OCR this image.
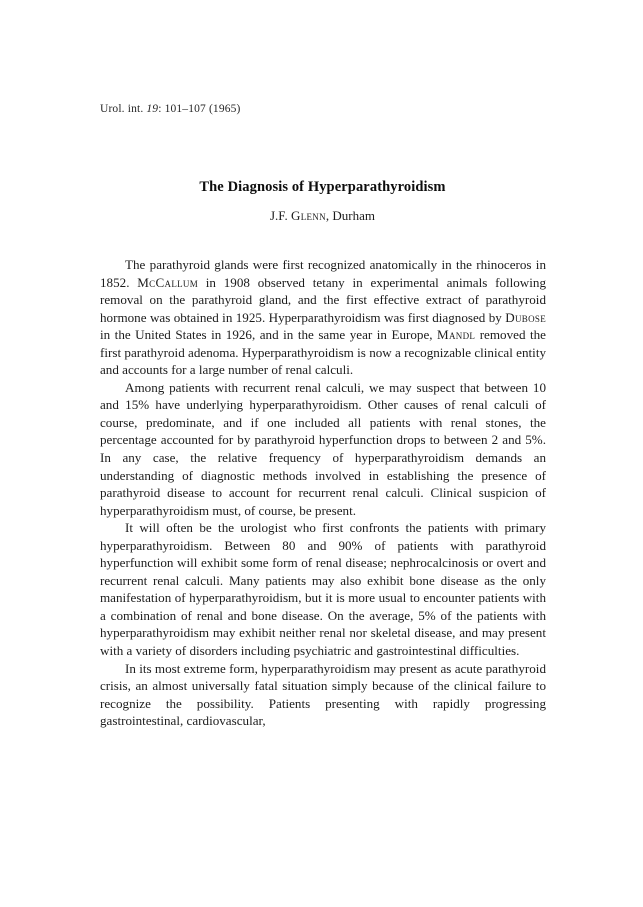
Urol. int. 19: 101–107 (1965)
The Diagnosis of Hyperparathyroidism
J.F. Glenn, Durham

The parathyroid glands were first recognized anatomically in the rhinoceros in 1852. McCallum in 1908 observed tetany in experimental animals following removal on the parathyroid gland, and the first effective extract of parathyroid hormone was obtained in 1925. Hyperparathyroidism was first diagnosed by Dubose in the United States in 1926, and in the same year in Europe, Mandl removed the first parathyroid adenoma. Hyperparathyroidism is now a recognizable clinical entity and accounts for a large number of renal calculi.

Among patients with recurrent renal calculi, we may suspect that between 10 and 15% have underlying hyperparathyroidism. Other causes of renal calculi of course, predominate, and if one included all patients with renal stones, the percentage accounted for by parathyroid hyperfunction drops to between 2 and 5%. In any case, the relative frequency of hyperparathyroidism demands an understanding of diagnostic methods involved in establishing the presence of parathyroid disease to account for recurrent renal calculi. Clinical suspicion of hyperparathyroidism must, of course, be present.

It will often be the urologist who first confronts the patients with primary hyperparathyroidism. Between 80 and 90% of patients with parathyroid hyperfunction will exhibit some form of renal disease; nephrocalcinosis or overt and recurrent renal calculi. Many patients may also exhibit bone disease as the only manifestation of hyperparathyroidism, but it is more usual to encounter patients with a combination of renal and bone disease. On the average, 5% of the patients with hyperparathyroidism may exhibit neither renal nor skeletal disease, and may present with a variety of disorders including psychiatric and gastrointestinal difficulties.

In its most extreme form, hyperparathyroidism may present as acute parathyroid crisis, an almost universally fatal situation simply because of the clinical failure to recognize the possibility. Patients presenting with rapidly progressing gastrointestinal, cardiovascular,
